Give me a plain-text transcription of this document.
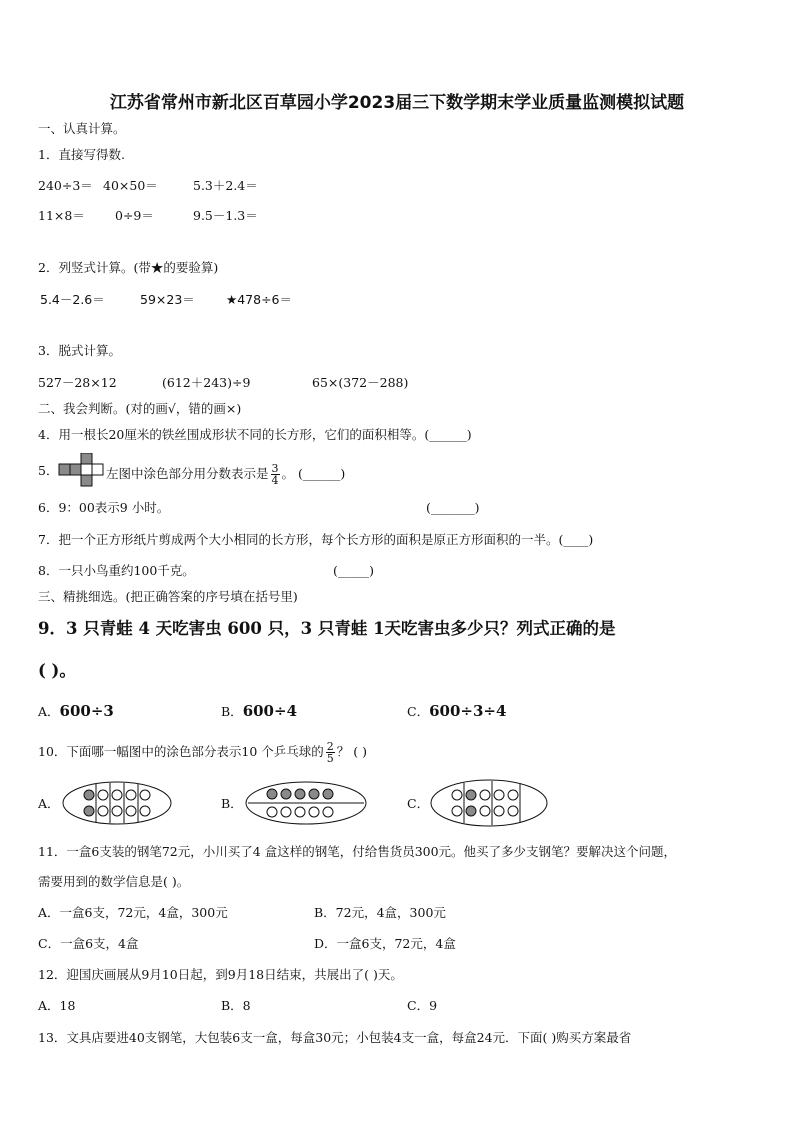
江苏省常州市新北区百草园小学2023届三下数学期末学业质量监测模拟试题
一、认真计算。
1．直接写得数.
240÷3＝ 40×50＝	5.3＋2.4＝
11×8＝ 0÷9＝	9.5－1.3＝
2．列竖式计算。(带★的要验算)
5.4－2.6＝	59×23＝ ★478÷6＝
3．脱式计算。
527－28×12	(612＋243)÷9	65×(372－288)
二、我会判断。(对的画√，错的画×)
4．用一根长20厘米的铁丝围成形状不同的长方形，它们的面积相等。(______)
5．	左图中涂色部分用分数表示是 $\frac{3}{4}$ 。 (______)
6．9：00表示9 小时。	(_______)
7．把一个正方形纸片剪成两个大小相同的长方形，每个长方形的面积是原正方形面积的一半。(____)
8．一只小鸟重约100千克。	(_____)
三、精挑细选。(把正确答案的序号填在括号里)
9．3 只青蛙 4 天吃害虫 600 只，3 只青蛙 1天吃害虫多少只？列式正确的是
( )。
10．下面哪一幅图中的涂色部分表示10 个乒乓球的 $\frac{2}{5}$ ？ ( )
A．	B．	C．
11．一盒6支装的钢笔72元，小川买了4 盒这样的钢笔，付给售货员300元。他买了多少支钢笔？要解决这个问题，
需要用到的数学信息是( )。
A．一盒6支，72元，4盒，300元	B．72元，4盒，300元
C．一盒6支，4盒	D．一盒6支，72元，4盒
12．迎国庆画展从9月10日起，到9月18日结束，共展出了( )天。
A．18	B．8	C．9
13．文具店要进40支钢笔，大包装6支一盒，每盒30元；小包装4支一盒，每盒24元．下面( )购买方案最省
A．600÷3	B．600÷4	C．600÷3÷4
